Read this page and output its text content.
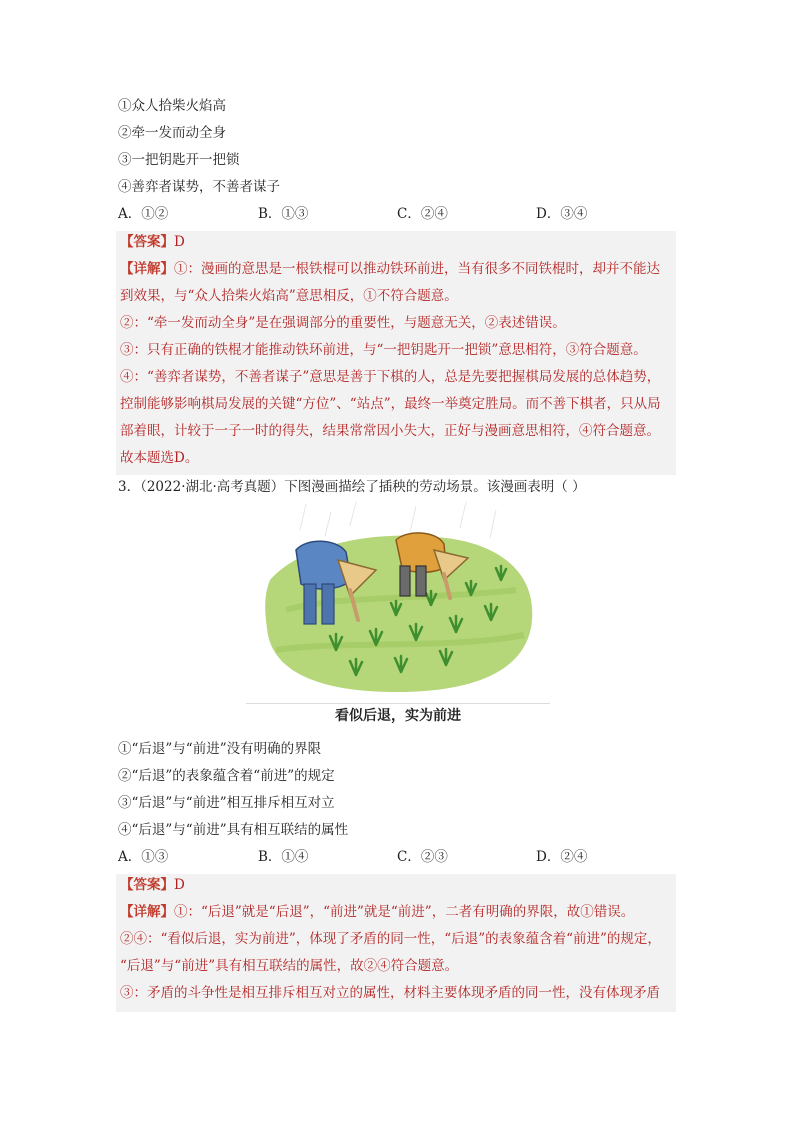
①众人拾柴火焰高
②牵一发而动全身
③一把钥匙开一把锁
④善弈者谋势，不善者谋子
A．①②	B．①③	C．②④	D．③④
【答案】D
【详解】①：漫画的意思是一根铁棍可以推动铁环前进，当有很多不同铁棍时，却并不能达
到效果，与“众人拾柴火焰高”意思相反，①不符合题意。
②：“牵一发而动全身”是在强调部分的重要性，与题意无关，②表述错误。
③：只有正确的铁棍才能推动铁环前进，与“一把钥匙开一把锁”意思相符，③符合题意。
④：“善弈者谋势，不善者谋子”意思是善于下棋的人，总是先要把握棋局发展的总体趋势，
控制能够影响棋局发展的关键“方位”、“站点”，最终一举奠定胜局。而不善下棋者，只从局
部着眼，计较于一子一时的得失，结果常常因小失大，正好与漫画意思相符，④符合题意。
故本题选D。
3．（2022·湖北·高考真题）下图漫画描绘了插秧的劳动场景。该漫画表明（ ）
看似后退，实为前进
①“后退”与“前进”没有明确的界限
②“后退”的表象蕴含着“前进”的规定
③“后退”与“前进”相互排斥相互对立
④“后退”与“前进”具有相互联结的属性
A．①③	B．①④	C．②③	D．②④
【答案】D
【详解】①：“后退”就是“后退”，“前进”就是“前进”，二者有明确的界限，故①错误。
②④：“看似后退，实为前进”，体现了矛盾的同一性，“后退”的表象蕴含着“前进”的规定，
“后退”与“前进”具有相互联结的属性，故②④符合题意。
③：矛盾的斗争性是相互排斥相互对立的属性，材料主要体现矛盾的同一性，没有体现矛盾
